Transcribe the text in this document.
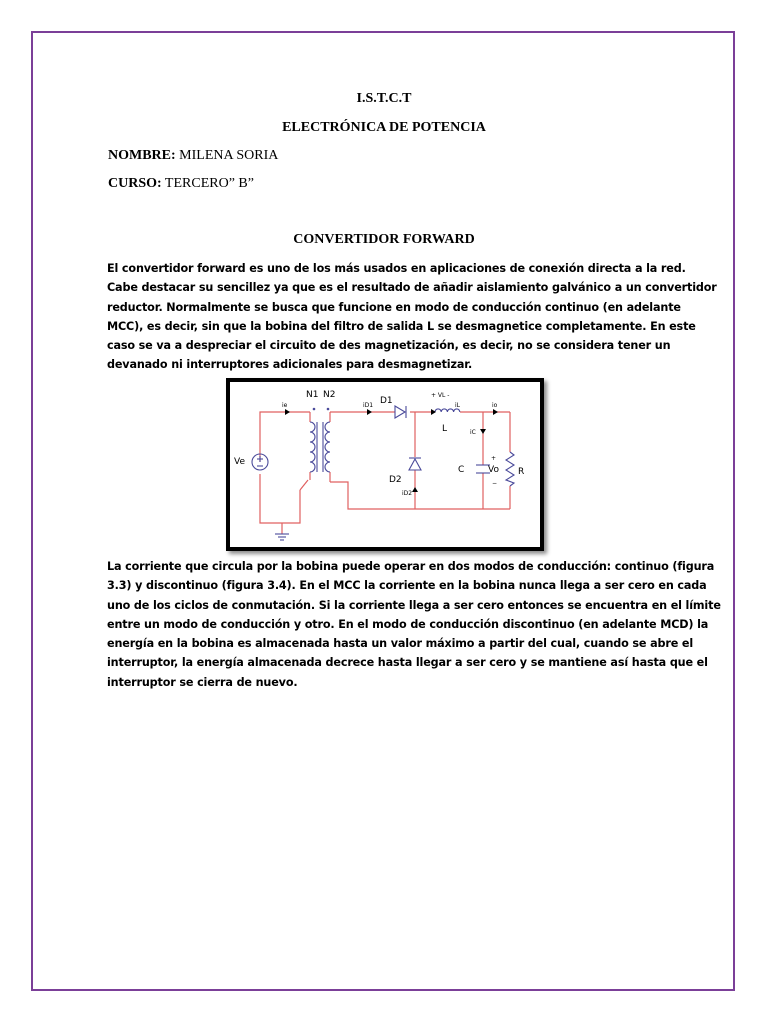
I.S.T.C.T
ELECTRÓNICA DE POTENCIA
NOMBRE: MILENA SORIA
CURSO: TERCERO” B”
CONVERTIDOR FORWARD
El convertidor forward es uno de los más usados en aplicaciones de conexión directa a la red.
Cabe destacar su sencillez ya que es el resultado de añadir aislamiento galvánico a un convertidor
reductor. Normalmente se busca que funcione en modo de conducción continuo (en adelante
MCC), es decir, sin que la bobina del filtro de salida L se desmagnetice completamente. En este
caso se va a despreciar el circuito de des magnetización, es decir, no se considera tener un
devanado ni interruptores adicionales para desmagnetizar.
N1 N2
D1
D2
Ve
+ VL -
L
C	Vo R
+
−
ie	iD1	iL	io
iC
iD2
La corriente que circula por la bobina puede operar en dos modos de conducción: continuo (figura
3.3) y discontinuo (figura 3.4). En el MCC la corriente en la bobina nunca llega a ser cero en cada
uno de los ciclos de conmutación. Si la corriente llega a ser cero entonces se encuentra en el límite
entre un modo de conducción y otro. En el modo de conducción discontinuo (en adelante MCD) la
energía en la bobina es almacenada hasta un valor máximo a partir del cual, cuando se abre el
interruptor, la energía almacenada decrece hasta llegar a ser cero y se mantiene así hasta que el
interruptor se cierra de nuevo.
